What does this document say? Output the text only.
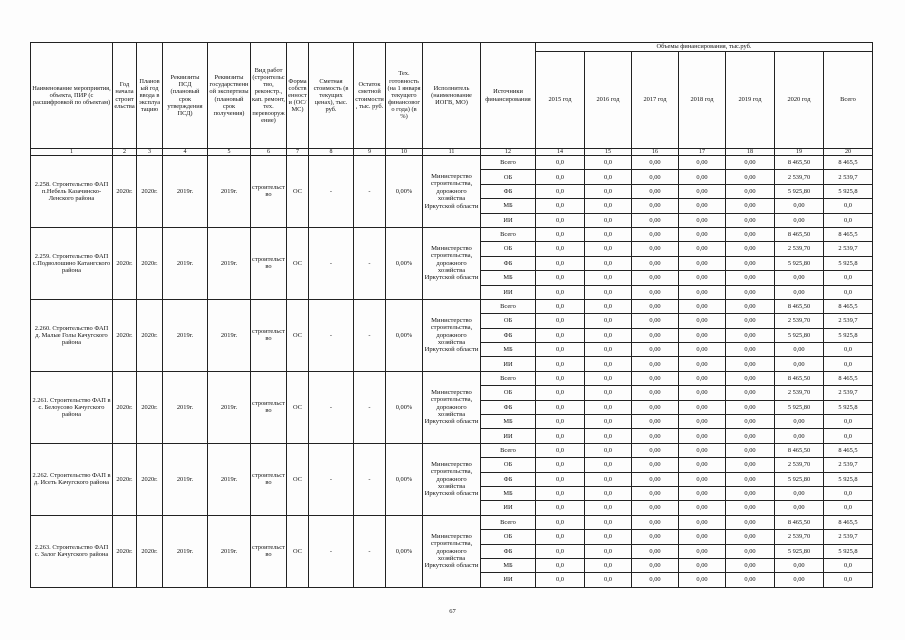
Наименование мероприятия, объекта, ПИР (с расшифровкой по объектам)	Год начала строительства	Плановый год ввода в эксплуатацию	Реквизиты ПСД (плановый срок утверждения ПСД)	Реквизиты государственной экспертизы (плановый срок получения)	Вид работ (строительство, реконстр., кап. ремонт, тех. перевооружение)	Форма собственности (ОС/МС)	Сметная стоимость (в текущих ценах), тыс. руб.	Остаток сметной стоимости, тыс. руб.	Тех. готовность (на 1 января текущего финансового года) (в %)	Исполнитель (наименование ИОГВ, МО)	Источники финансирования	Объемы финансирования, тыс.руб.						
												2015 год	2016 год	2017 год	2018 год	2019 год	2020 год	Всего
1	2	3	4	5	6	7	8	9	10	11	12	14	15	16	17	18	19	20
2.258. Строительство ФАП п.Небель Казачинско-Ленского района	2020г.	2020г.	2019г.	2019г.	строительство	ОС	-	-	0,00%	Министерство строительства, дорожного хозяйства Иркутской области	Всего	0,0	0,0	0,00	0,00	0,00	8 465,50	8 465,5
											ОБ	0,0	0,0	0,00	0,00	0,00	2 539,70	2 539,7
											ФБ	0,0	0,0	0,00	0,00	0,00	5 925,80	5 925,8
											МБ	0,0	0,0	0,00	0,00	0,00	0,00	0,0
											ИИ	0,0	0,0	0,00	0,00	0,00	0,00	0,0
2.259. Строительство ФАП с.Подволошино Катангского района	2020г.	2020г.	2019г.	2019г.	строительство	ОС	-	-	0,00%	Министерство строительства, дорожного хозяйства Иркутской области	Всего	0,0	0,0	0,00	0,00	0,00	8 465,50	8 465,5
											ОБ	0,0	0,0	0,00	0,00	0,00	2 539,70	2 539,7
											ФБ	0,0	0,0	0,00	0,00	0,00	5 925,80	5 925,8
											МБ	0,0	0,0	0,00	0,00	0,00	0,00	0,0
											ИИ	0,0	0,0	0,00	0,00	0,00	0,00	0,0
2.260. Строительство ФАП д. Малые Голы Качугского района	2020г.	2020г.	2019г.	2019г.	строительство	ОС	-	-	0,00%	Министерство строительства, дорожного хозяйства Иркутской области	Всего	0,0	0,0	0,00	0,00	0,00	8 465,50	8 465,5
											ОБ	0,0	0,0	0,00	0,00	0,00	2 539,70	2 539,7
											ФБ	0,0	0,0	0,00	0,00	0,00	5 925,80	5 925,8
											МБ	0,0	0,0	0,00	0,00	0,00	0,00	0,0
											ИИ	0,0	0,0	0,00	0,00	0,00	0,00	0,0
2.261. Строительство ФАП в с. Белоусово Качугского района	2020г.	2020г.	2019г.	2019г.	строительство	ОС	-	-	0,00%	Министерство строительства, дорожного хозяйства Иркутской области	Всего	0,0	0,0	0,00	0,00	0,00	8 465,50	8 465,5
											ОБ	0,0	0,0	0,00	0,00	0,00	2 539,70	2 539,7
											ФБ	0,0	0,0	0,00	0,00	0,00	5 925,80	5 925,8
											МБ	0,0	0,0	0,00	0,00	0,00	0,00	0,0
											ИИ	0,0	0,0	0,00	0,00	0,00	0,00	0,0
2.262. Строительство ФАП в д. Исеть Качугского района	2020г.	2020г.	2019г.	2019г.	строительство	ОС	-	-	0,00%	Министерство строительства, дорожного хозяйства Иркутской области	Всего	0,0	0,0	0,00	0,00	0,00	8 465,50	8 465,5
											ОБ	0,0	0,0	0,00	0,00	0,00	2 539,70	2 539,7
											ФБ	0,0	0,0	0,00	0,00	0,00	5 925,80	5 925,8
											МБ	0,0	0,0	0,00	0,00	0,00	0,00	0,0
											ИИ	0,0	0,0	0,00	0,00	0,00	0,00	0,0
2.263. Строительство ФАП с. Залог Качугского района	2020г.	2020г.	2019г.	2019г.	строительство	ОС	-	-	0,00%	Министерство строительства, дорожного хозяйства Иркутской области	Всего	0,0	0,0	0,00	0,00	0,00	8 465,50	8 465,5
											ОБ	0,0	0,0	0,00	0,00	0,00	2 539,70	2 539,7
											ФБ	0,0	0,0	0,00	0,00	0,00	5 925,80	5 925,8
											МБ	0,0	0,0	0,00	0,00	0,00	0,00	0,0
											ИИ	0,0	0,0	0,00	0,00	0,00	0,00	0,0
67
